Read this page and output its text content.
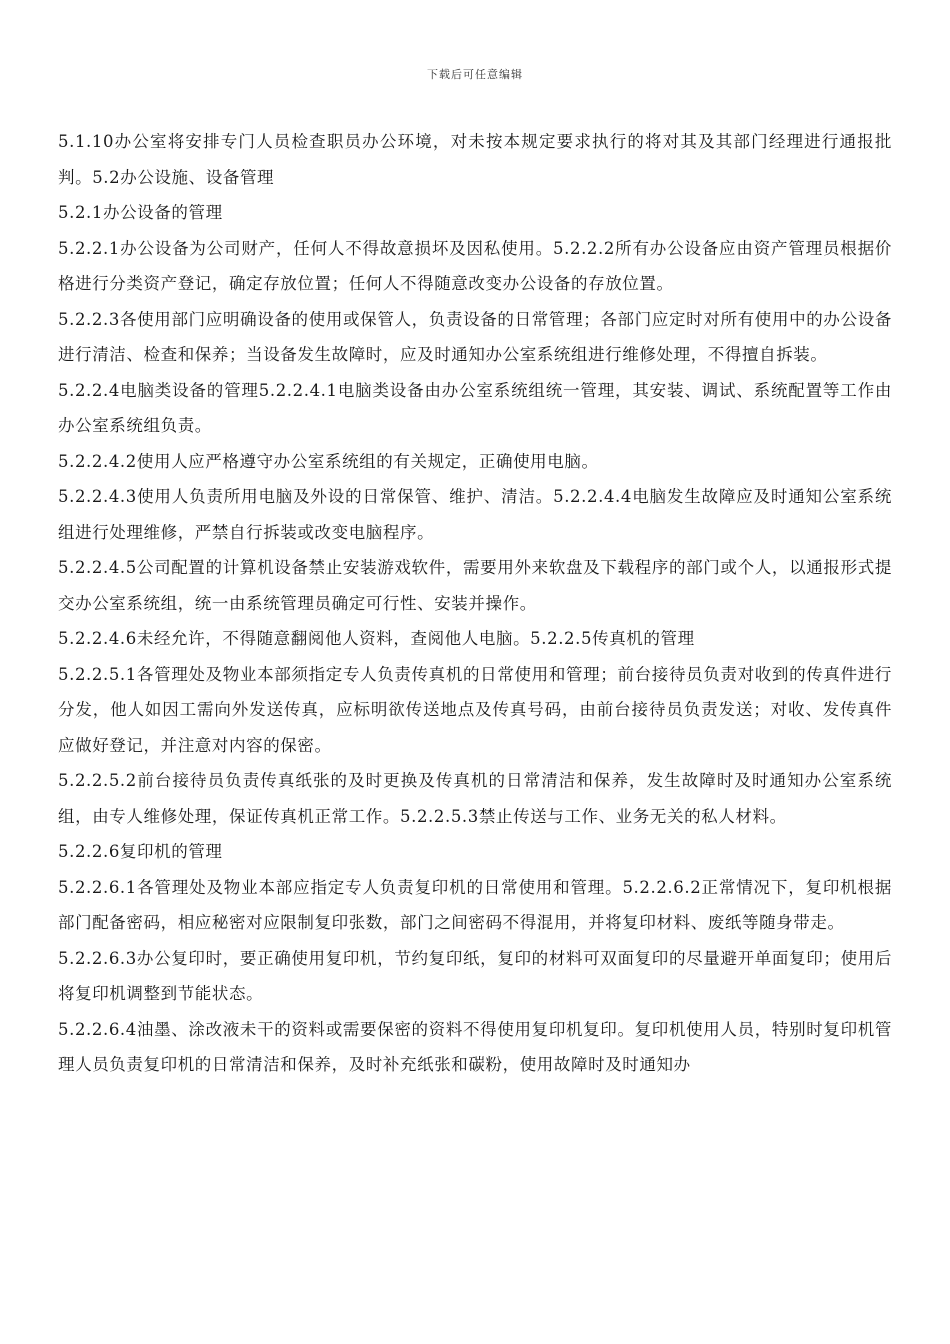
下载后可任意编辑

5.1.10办公室将安排专门人员检查职员办公环境，对未按本规定要求执行的将对其及其部门经理进行通报批判。5.2办公设施、设备管理

5.2.1办公设备的管理

5.2.2.1办公设备为公司财产，任何人不得故意损坏及因私使用。5.2.2.2所有办公设备应由资产管理员根据价格进行分类资产登记，确定存放位置；任何人不得随意改变办公设备的存放位置。

5.2.2.3各使用部门应明确设备的使用或保管人，负责设备的日常管理；各部门应定时对所有使用中的办公设备进行清洁、检查和保养；当设备发生故障时，应及时通知办公室系统组进行维修处理，不得擅自拆装。

5.2.2.4电脑类设备的管理5.2.2.4.1电脑类设备由办公室系统组统一管理，其安装、调试、系统配置等工作由办公室系统组负责。

5.2.2.4.2使用人应严格遵守办公室系统组的有关规定，正确使用电脑。

5.2.2.4.3使用人负责所用电脑及外设的日常保管、维护、清洁。5.2.2.4.4电脑发生故障应及时通知公室系统组进行处理维修，严禁自行拆装或改变电脑程序。

5.2.2.4.5公司配置的计算机设备禁止安装游戏软件，需要用外来软盘及下载程序的部门或个人，以通报形式提交办公室系统组，统一由系统管理员确定可行性、安装并操作。

5.2.2.4.6未经允许，不得随意翻阅他人资料，查阅他人电脑。5.2.2.5传真机的管理

5.2.2.5.1各管理处及物业本部须指定专人负责传真机的日常使用和管理；前台接待员负责对收到的传真件进行分发，他人如因工需向外发送传真，应标明欲传送地点及传真号码，由前台接待员负责发送；对收、发传真件应做好登记，并注意对内容的保密。

5.2.2.5.2前台接待员负责传真纸张的及时更换及传真机的日常清洁和保养，发生故障时及时通知办公室系统组，由专人维修处理，保证传真机正常工作。5.2.2.5.3禁止传送与工作、业务无关的私人材料。

5.2.2.6复印机的管理

5.2.2.6.1各管理处及物业本部应指定专人负责复印机的日常使用和管理。5.2.2.6.2正常情况下，复印机根据部门配备密码，相应秘密对应限制复印张数，部门之间密码不得混用，并将复印材料、废纸等随身带走。

5.2.2.6.3办公复印时，要正确使用复印机，节约复印纸，复印的材料可双面复印的尽量避开单面复印；使用后将复印机调整到节能状态。

5.2.2.6.4油墨、涂改液未干的资料或需要保密的资料不得使用复印机复印。复印机使用人员，特别时复印机管理人员负责复印机的日常清洁和保养，及时补充纸张和碳粉，使用故障时及时通知办
